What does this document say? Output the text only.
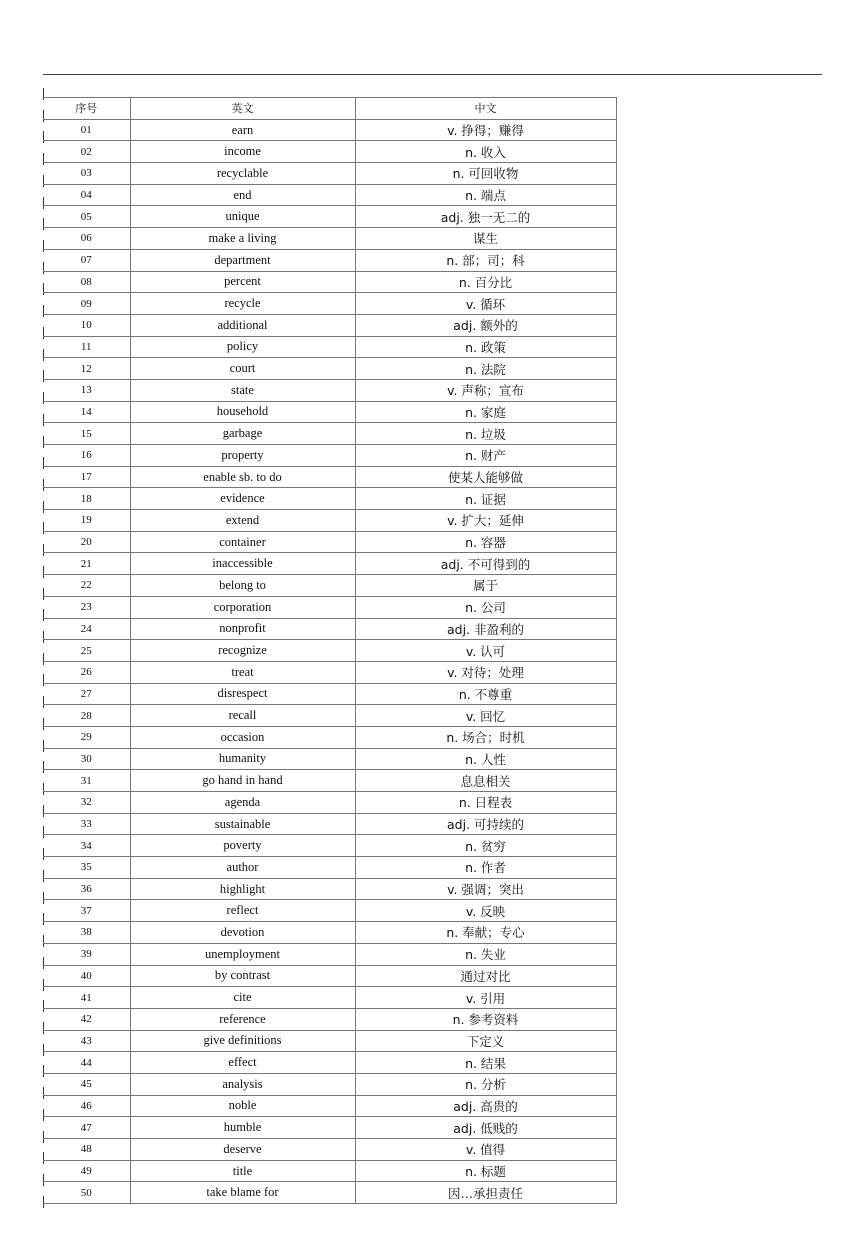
序号	英文	中文
01	earn	v. 挣得；赚得
02	income	n. 收入
03	recyclable	n. 可回收物
04	end	n. 端点
05	unique	adj. 独一无二的
06	make a living	谋生
07	department	n. 部；司；科
08	percent	n. 百分比
09	recycle	v. 循环
10	additional	adj. 额外的
11	policy	n. 政策
12	court	n. 法院
13	state	v. 声称；宣布
14	household	n. 家庭
15	garbage	n. 垃圾
16	property	n. 财产
17	enable sb. to do	使某人能够做
18	evidence	n. 证据
19	extend	v. 扩大；延伸
20	container	n. 容器
21	inaccessible	adj. 不可得到的
22	belong to	属于
23	corporation	n. 公司
24	nonprofit	adj. 非盈利的
25	recognize	v. 认可
26	treat	v. 对待；处理
27	disrespect	n. 不尊重
28	recall	v. 回忆
29	occasion	n. 场合；时机
30	humanity	n. 人性
31	go hand in hand	息息相关
32	agenda	n. 日程表
33	sustainable	adj. 可持续的
34	poverty	n. 贫穷
35	author	n. 作者
36	highlight	v. 强调；突出
37	reflect	v. 反映
38	devotion	n. 奉献；专心
39	unemployment	n. 失业
40	by contrast	通过对比
41	cite	v. 引用
42	reference	n. 参考资料
43	give definitions	下定义
44	effect	n. 结果
45	analysis	n. 分析
46	noble	adj. 高贵的
47	humble	adj. 低贱的
48	deserve	v. 值得
49	title	n. 标题
50	take blame for	因…承担责任
